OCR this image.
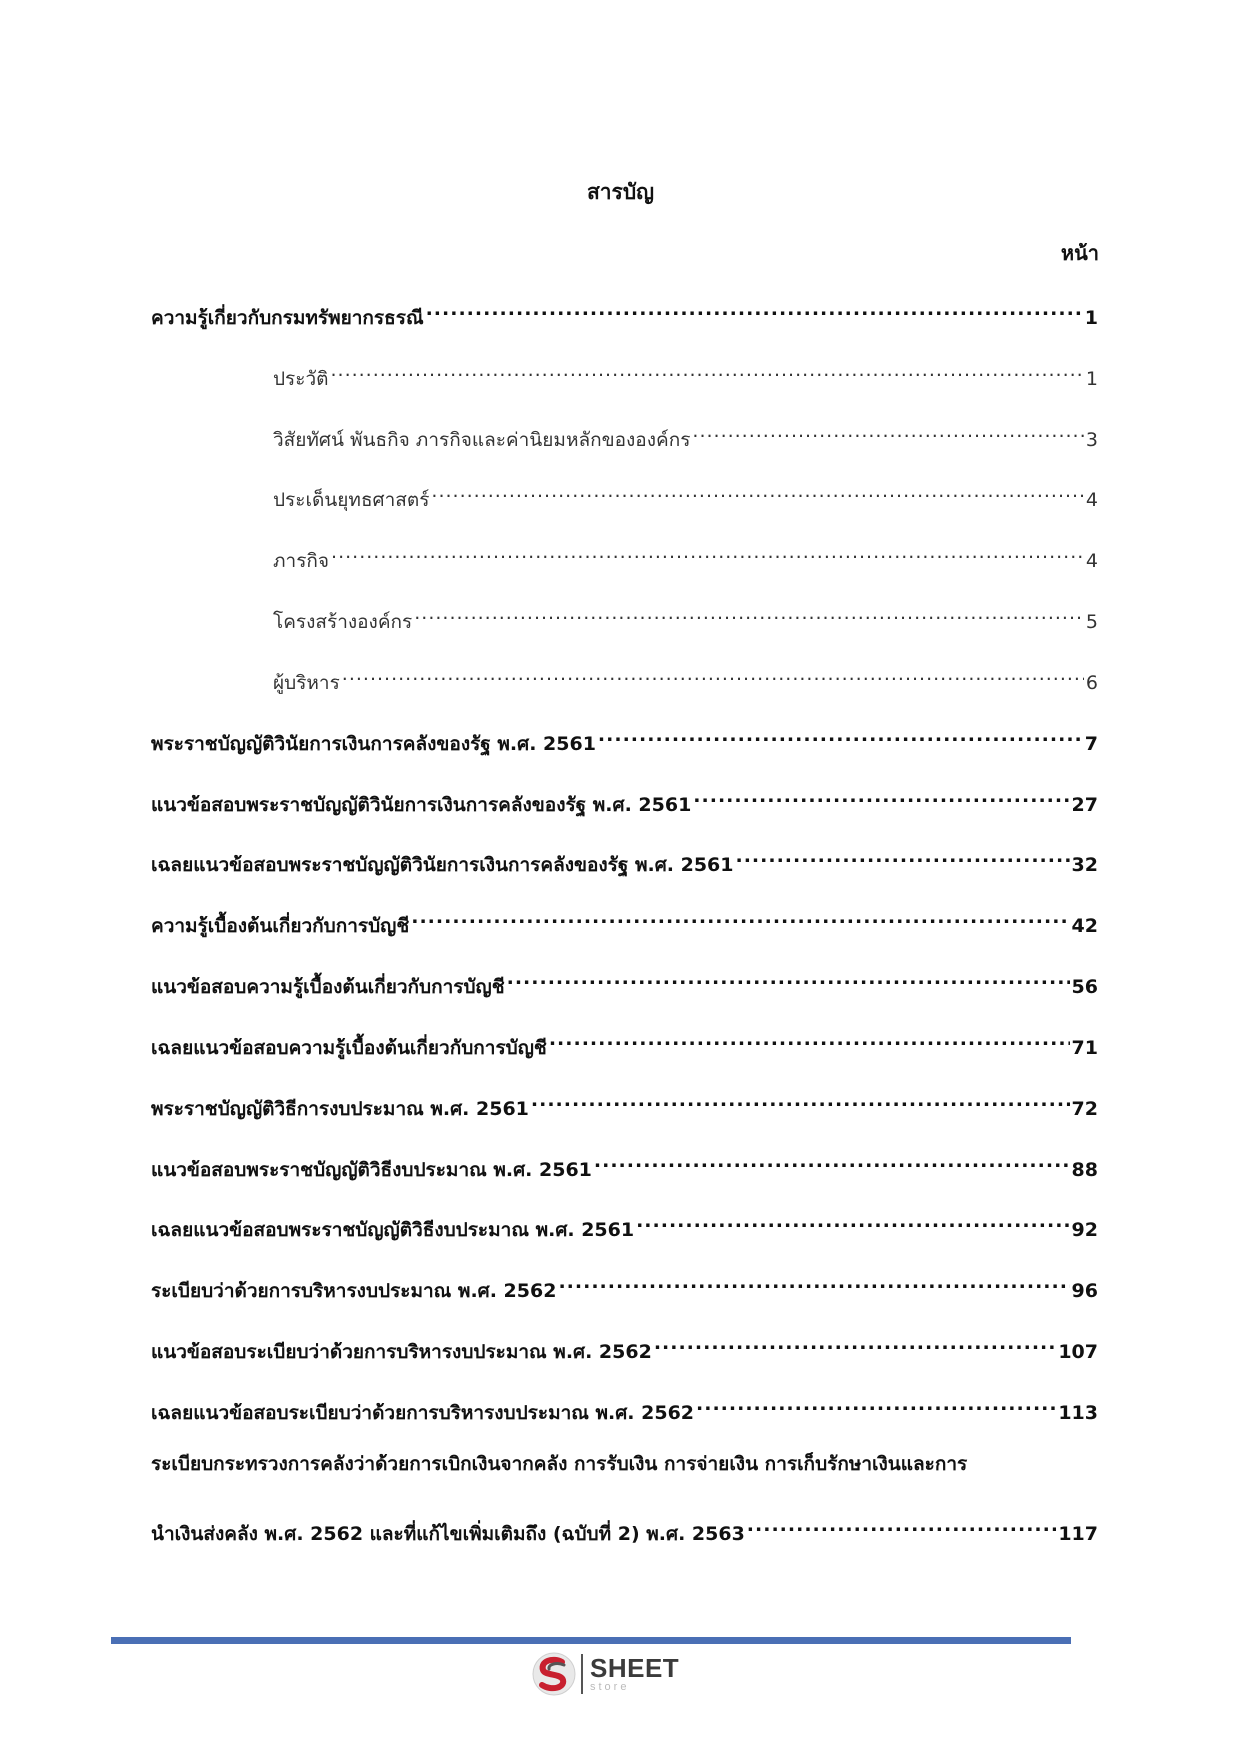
สารบัญ
หน้า
ความรู้เกี่ยวกับกรมทรัพยากรธรณี .....	1
ประวัติ .....	1
วิสัยทัศน์ พันธกิจ ภารกิจและค่านิยมหลักขององค์กร .....	3
ประเด็นยุทธศาสตร์ .....	4
ภารกิจ .....	4
โครงสร้างองค์กร .....	5
ผู้บริหาร .....	6
พระราชบัญญัติวินัยการเงินการคลังของรัฐ พ.ศ. 2561 .....	7
แนวข้อสอบพระราชบัญญัติวินัยการเงินการคลังของรัฐ พ.ศ. 2561 .....	27
เฉลยแนวข้อสอบพระราชบัญญัติวินัยการเงินการคลังของรัฐ พ.ศ. 2561 .....	32
ความรู้เบื้องต้นเกี่ยวกับการบัญชี .....	42
แนวข้อสอบความรู้เบื้องต้นเกี่ยวกับการบัญชี .....	56
เฉลยแนวข้อสอบความรู้เบื้องต้นเกี่ยวกับการบัญชี .....	71
พระราชบัญญัติวิธีการงบประมาณ พ.ศ. 2561 .....	72
แนวข้อสอบพระราชบัญญัติวิธีงบประมาณ พ.ศ. 2561 .....	88
เฉลยแนวข้อสอบพระราชบัญญัติวิธีงบประมาณ พ.ศ. 2561 .....	92
ระเบียบว่าด้วยการบริหารงบประมาณ พ.ศ. 2562 .....	96
แนวข้อสอบระเบียบว่าด้วยการบริหารงบประมาณ พ.ศ. 2562 .....	107
เฉลยแนวข้อสอบระเบียบว่าด้วยการบริหารงบประมาณ พ.ศ. 2562 .....	113
ระเบียบกระทรวงการคลังว่าด้วยการเบิกเงินจากคลัง การรับเงิน การจ่ายเงิน การเก็บรักษาเงินและการ
นำเงินส่งคลัง พ.ศ. 2562 และที่แก้ไขเพิ่มเติมถึง (ฉบับที่ 2) พ.ศ. 2563 .....	117
SHEET
store
